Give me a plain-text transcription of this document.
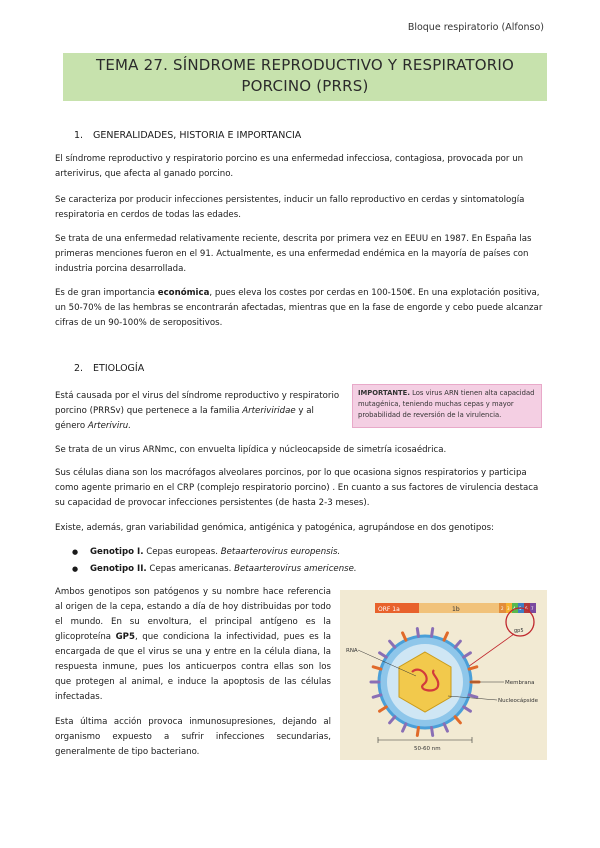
Bloque respiratorio (Alfonso)
TEMA 27. SÍNDROME REPRODUCTIVO Y RESPIRATORIO
PORCINO (PRRS)
1. GENERALIDADES, HISTORIA E IMPORTANCIA
El síndrome reproductivo y respiratorio porcino es una enfermedad infecciosa, contagiosa, provocada por un arterivirus, que afecta al ganado porcino.
Se caracteriza por producir infecciones persistentes, inducir un fallo reproductivo en cerdas y sintomatología respiratoria en cerdos de todas las edades.
Se trata de una enfermedad relativamente reciente, descrita por primera vez en EEUU en 1987. En España las primeras menciones fueron en el 91. Actualmente, es una enfermedad endémica en la mayoría de países con industria porcina desarrollada.
Es de gran importancia económica, pues eleva los costes por cerdas en 100-150€. En una explotación positiva, un 50-70% de las hembras se encontrarán afectadas, mientras que en la fase de engorde y cebo puede alcanzar cifras de un 90-100% de seropositivos.
2. ETIOLOGÍA
Está causada por el virus del síndrome reproductivo y respiratorio porcino (PRRSv) que pertenece a la familia Arteriviridae y al género Arteriviru.
IMPORTANTE. Los virus ARN tienen alta capacidad mutagénica, teniendo muchas cepas y mayor probabilidad de reversión de la virulencia.
Se trata de un virus ARNmc, con envuelta lipídica y núcleocapside de simetría icosaédrica.
Sus células diana son los macrófagos alveolares porcinos, por lo que ocasiona signos respiratorios y participa como agente primario en el CRP (complejo respiratorio porcino) . En cuanto a sus factores de virulencia destaca su capacidad de provocar infecciones persistentes (de hasta 2-3 meses).
Existe, además, gran variabilidad genómica, antigénica y patogénica, agrupándose en dos genotipos:
● Genotipo I. Cepas europeas. Betaarterovirus europensis.
● Genotipo II. Cepas americanas. Betaarterovirus americense.
Ambos genotipos son patógenos y su nombre hace referencia al origen de la cepa, estando a día de hoy distribuidas por todo el mundo. En su envoltura, el principal antígeno es la glicoproteína GP5, que condiciona la infectividad, pues es la encargada de que el virus se una y entre en la célula diana, la respuesta inmune, pues los anticuerpos contra ellas son los que protegen al animal, e induce la apoptosis de las células infectadas.
Esta última acción provoca inmunosupresiones, dejando al organismo expuesto a sufrir infecciones secundarias, generalmente de tipo bacteriano.
ORF 1a	1b	2 3 4 5 6 7
gp5
RNA
Membrana
Nucleocápside
50-60 nm
